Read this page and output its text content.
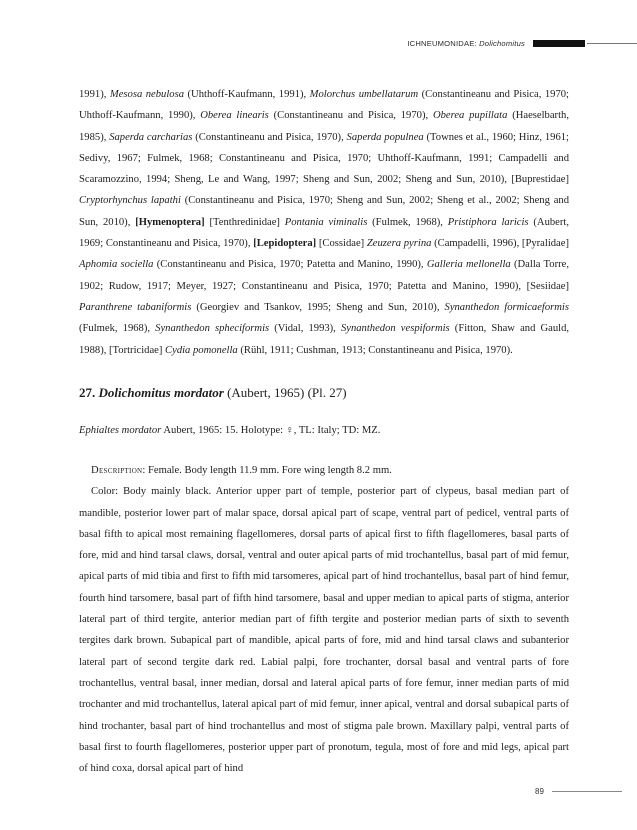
ICHNEUMONIDAE: Dolichomitus

1991), Mesosa nebulosa (Uhthoff-Kaufmann, 1991), Molorchus umbellatarum (Constantineanu and Pisica, 1970; Uhthoff-Kaufmann, 1990), Oberea linearis (Constantineanu and Pisica, 1970), Oberea pupillata (Haeselbarth, 1985), Saperda carcharias (Constantineanu and Pisica, 1970), Saperda populnea (Townes et al., 1960; Hinz, 1961; Sedivy, 1967; Fulmek, 1968; Constantineanu and Pisica, 1970; Uhthoff-Kaufmann, 1991; Campadelli and Scaramozzino, 1994; Sheng, Le and Wang, 1997; Sheng and Sun, 2002; Sheng and Sun, 2010), [Buprestidae] Cryptorhynchus lapathi (Constantineanu and Pisica, 1970; Sheng and Sun, 2002; Sheng et al., 2002; Sheng and Sun, 2010), [Hymenoptera] [Tenthredinidae] Pontania viminalis (Fulmek, 1968), Pristiphora laricis (Aubert, 1969; Constantineanu and Pisica, 1970), [Lepidoptera] [Cossidae] Zeuzera pyrina (Campadelli, 1996), [Pyralidae] Aphomia sociella (Constantineanu and Pisica, 1970; Patetta and Manino, 1990), Galleria mellonella (Dalla Torre, 1902; Rudow, 1917; Meyer, 1927; Constantineanu and Pisica, 1970; Patetta and Manino, 1990), [Sesiidae] Paranthrene tabaniformis (Georgiev and Tsankov, 1995; Sheng and Sun, 2010), Synanthedon formicaeformis (Fulmek, 1968), Synanthedon spheciformis (Vidal, 1993), Synanthedon vespiformis (Fitton, Shaw and Gauld, 1988), [Tortricidae] Cydia pomonella (Rühl, 1911; Cushman, 1913; Constantineanu and Pisica, 1970).

27. Dolichomitus mordator (Aubert, 1965) (Pl. 27)
Ephialtes mordator Aubert, 1965: 15. Holotype: ♀, TL: Italy; TD: MZ.

Description: Female. Body length 11.9 mm. Fore wing length 8.2 mm.

Color: Body mainly black. Anterior upper part of temple, posterior part of clypeus, basal median part of mandible, posterior lower part of malar space, dorsal apical part of scape, ventral part of pedicel, ventral parts of basal fifth to apical most remaining flagellomeres, dorsal parts of apical first to fifth flagellomeres, basal parts of fore, mid and hind tarsal claws, dorsal, ventral and outer apical parts of mid trochantellus, basal part of mid femur, apical parts of mid tibia and first to fifth mid tarsomeres, apical part of hind trochantellus, basal part of hind femur, fourth hind tarsomere, basal part of fifth hind tarsomere, basal and upper median to apical parts of stigma, anterior lateral part of third tergite, anterior median part of fifth tergite and posterior median parts of sixth to seventh tergites dark brown. Subapical part of mandible, apical parts of fore, mid and hind tarsal claws and subanterior lateral part of second tergite dark red. Labial palpi, fore trochanter, dorsal basal and ventral parts of fore trochantellus, ventral basal, inner median, dorsal and lateral apical parts of fore femur, inner median parts of mid trochanter and mid trochantellus, lateral apical part of mid femur, inner apical, ventral and dorsal subapical parts of hind trochanter, basal part of hind trochantellus and most of stigma pale brown. Maxillary palpi, ventral parts of basal first to fourth flagellomeres, posterior upper part of pronotum, tegula, most of fore and mid legs, apical part of hind coxa, dorsal apical part of hind

89
